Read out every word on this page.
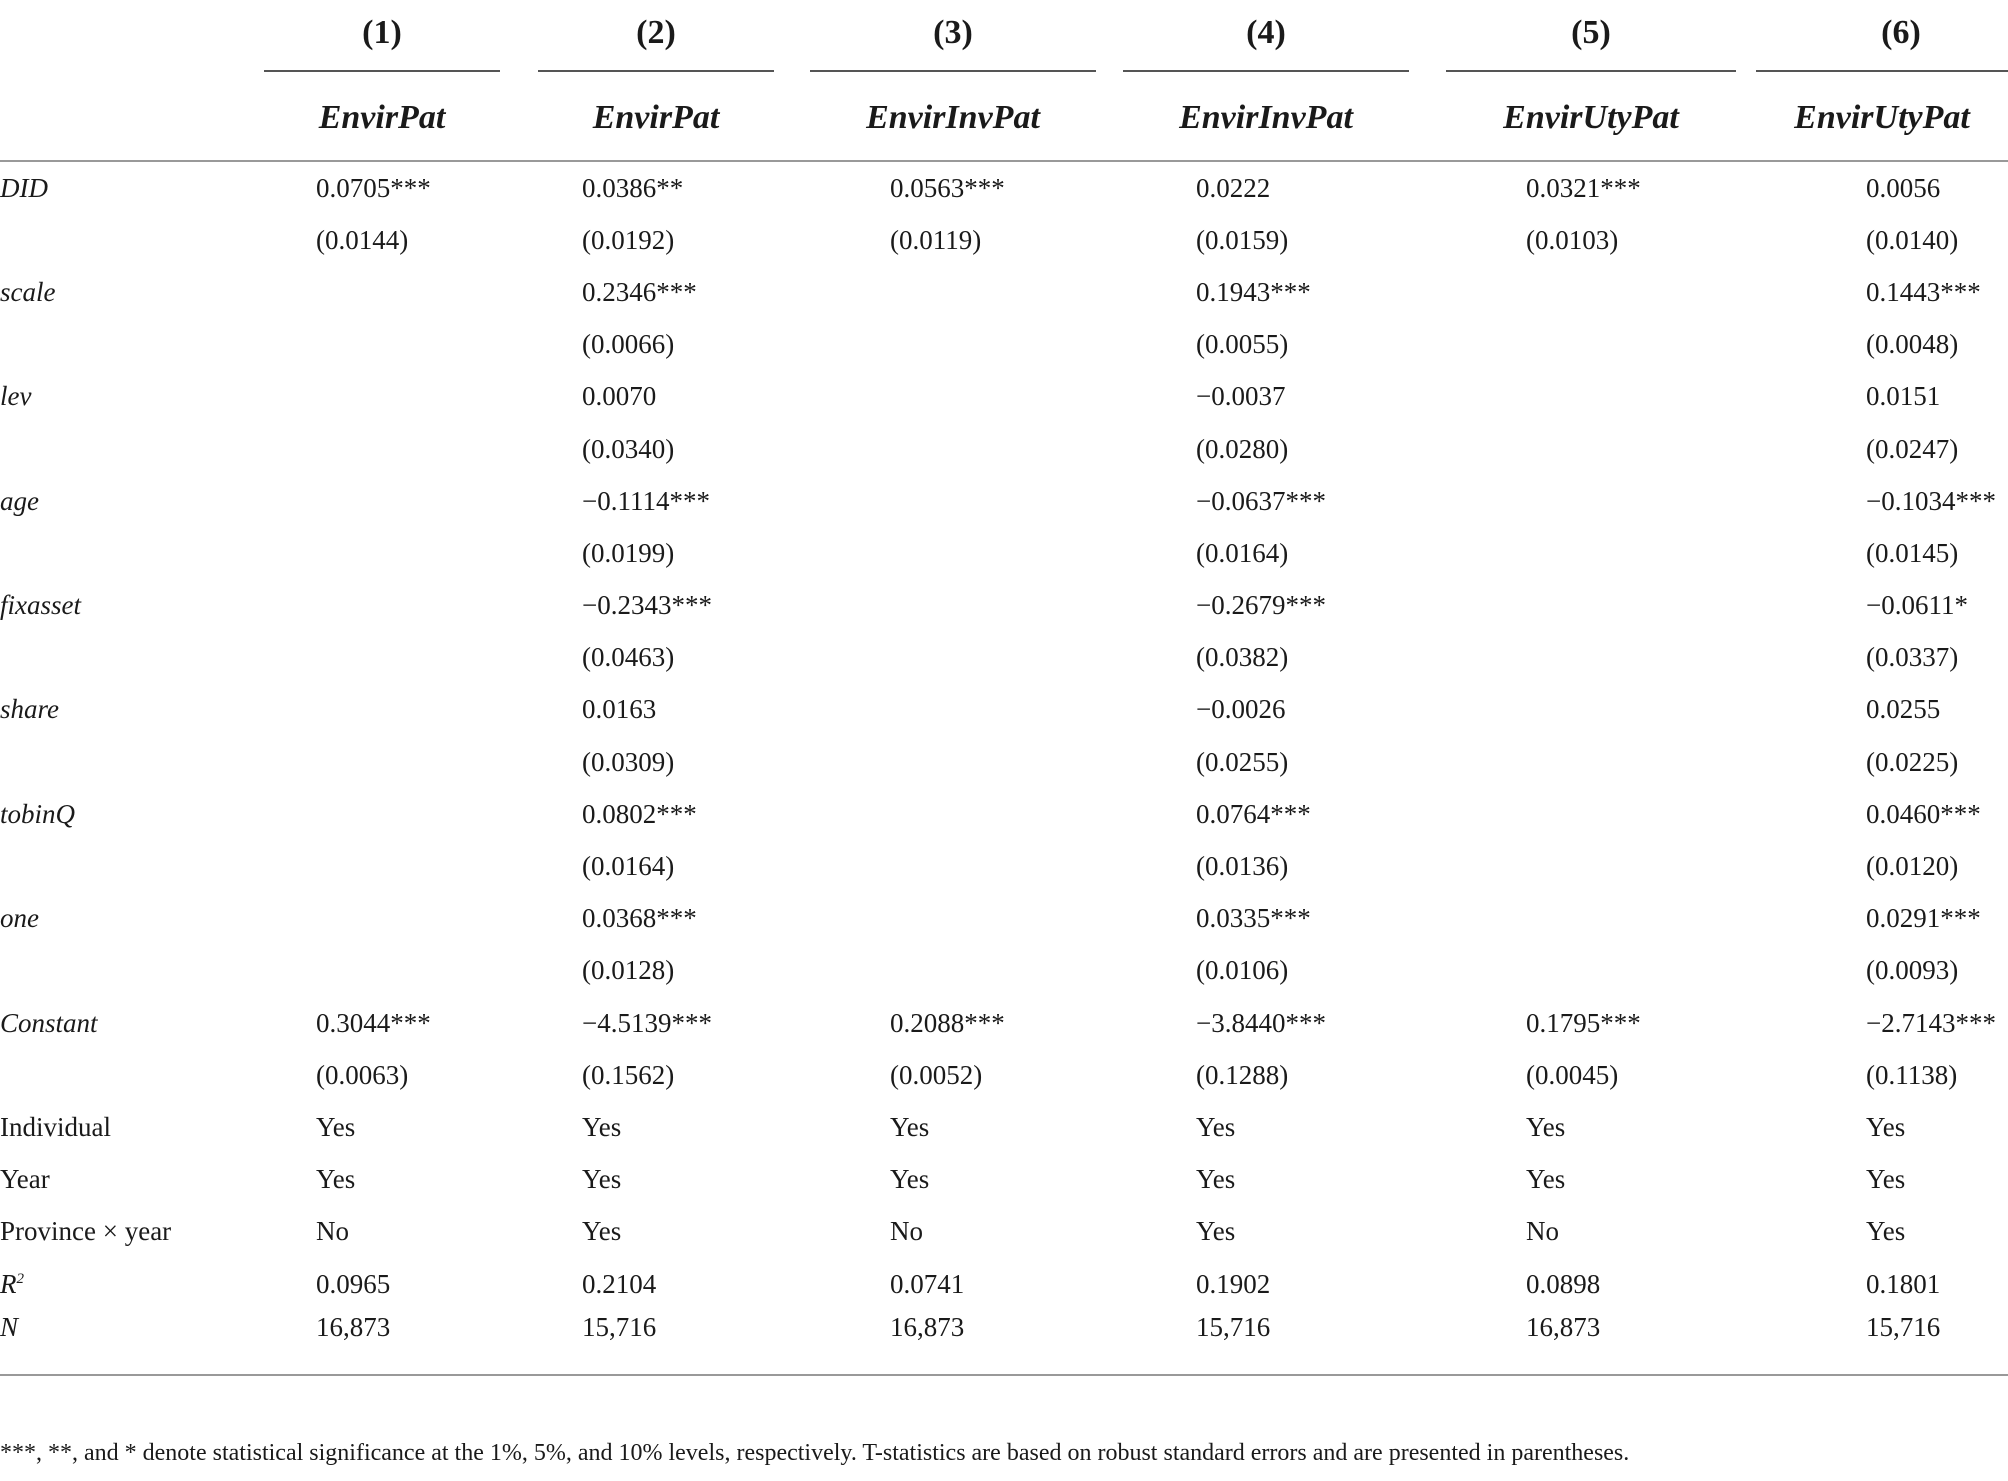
	(1)	(2)	(3)	(4)	(5)	(6)

	EnvirPat	EnvirPat	EnvirInvPat	EnvirInvPat	EnvirUtyPat	EnvirUtyPat
DID	0.0705***	0.0386**	0.0563***	0.0222	0.0321***	0.0056
	(0.0144)	(0.0192)	(0.0119)	(0.0159)	(0.0103)	(0.0140)
scale		0.2346***		0.1943***		0.1443***
		(0.0066)		(0.0055)		(0.0048)
lev		0.0070		−0.0037		0.0151
		(0.0340)		(0.0280)		(0.0247)
age		−0.1114***		−0.0637***		−0.1034***
		(0.0199)		(0.0164)		(0.0145)
fixasset		−0.2343***		−0.2679***		−0.0611*
		(0.0463)		(0.0382)		(0.0337)
share		0.0163		−0.0026		0.0255
		(0.0309)		(0.0255)		(0.0225)
tobinQ		0.0802***		0.0764***		0.0460***
		(0.0164)		(0.0136)		(0.0120)
one		0.0368***		0.0335***		0.0291***
		(0.0128)		(0.0106)		(0.0093)
Constant	0.3044***	−4.5139***	0.2088***	−3.8440***	0.1795***	−2.7143***
	(0.0063)	(0.1562)	(0.0052)	(0.1288)	(0.0045)	(0.1138)
Individual	Yes	Yes	Yes	Yes	Yes	Yes
Year	Yes	Yes	Yes	Yes	Yes	Yes
Province × year	No	Yes	No	Yes	No	Yes
$R^2$	0.0965	0.2104	0.0741	0.1902	0.0898	0.1801
N	16,873	15,716	16,873	15,716	16,873	15,716
***, **, and * denote statistical significance at the 1%, 5%, and 10% levels, respectively. T-statistics are based on robust standard errors and are presented in parentheses.
